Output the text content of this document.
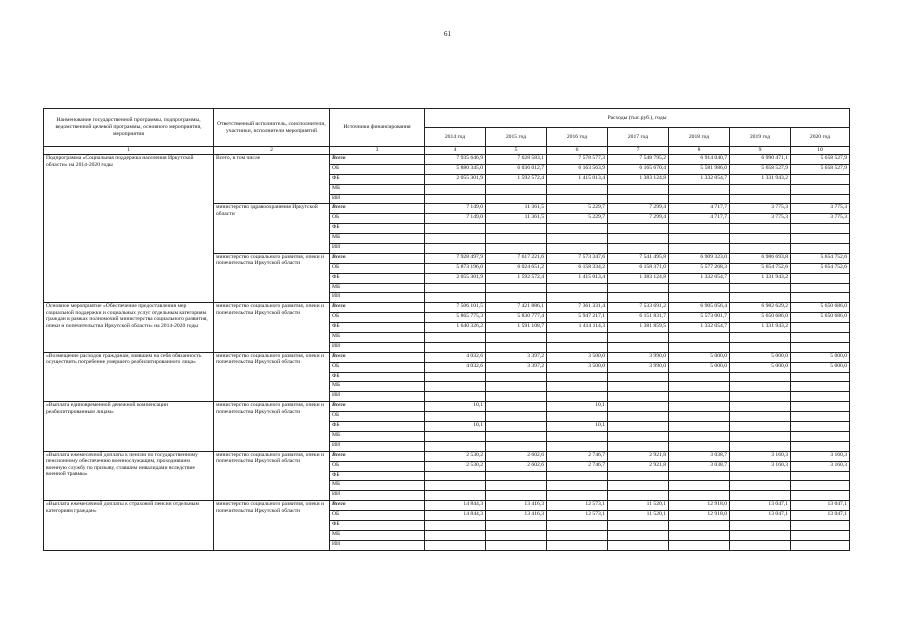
61
Наименование государственной программы, подпрограммы, ведомственной целевой программы, основного мероприятия, мероприятия	Ответственный исполнитель, соисполнители, участники, исполнители мероприятий	Источники финансирования	Расходы (тыс.руб.), годы						
			2014 год	2015 год	2016 год	2017 год	2018 год	2019 год	2020 год
1	2	3	4	5	6	7	8	9	10
Подпрограмма «Социальная поддержка населения Иркутской области» на 2014-2020 годы	Всего, в том числе	Всего	7 935 646,9	7 628 583,1	7 578 577,3	7 548 795,2	6 914 040,7	6 990 471,1	5 658 527,9
		ОБ	5 880 345,0	6 036 012,7	6 163 563,9	6 165 670,4	5 581 986,0	5 658 527,9	5 658 527,9
		ФБ	2 055 301,9	1 592 572,4	1 415 013,4	1 383 124,8	1 332 054,7	1 331 943,2	
		МБ							
		ИИ							
	министерство здравоохранения Иркутской области	Всего	7 149,0	11 361,5	5 229,7	7 299,4	4 717,7	3 775,3	3 775,3
		ОБ	7 149,0	11 361,5	5 229,7	7 299,4	4 717,7	3 775,3	3 775,3
		ФБ							
		МБ							
		ИИ							
	министерство социального развития, опеки и попечительства Иркутской области	Всего	7 928 497,9	7 617 221,6	7 573 347,6	7 541 495,8	6 909 323,0	6 986 693,8	5 654 752,6
		ОБ	5 873 196,0	6 024 651,2	6 158 334,2	6 158 371,0	5 577 268,3	5 654 752,6	5 654 752,6
		ФБ	2 055 301,9	1 592 572,4	1 415 013,4	1 383 124,8	1 332 054,7	1 331 943,2	
		МБ							
		ИИ							
Основное мероприятие «Обеспечение предоставления мер социальной поддержки и социальных услуг отдельным категориям граждан в рамках полномочий министерства социального развития, опеки и попечительства Иркутской области» на 2014-2020 годы	министерство социального развития, опеки и попечительства Иркутской области	Всего	7 506 101,5	7 421 886,1	7 361 331,4	7 533 691,2	6 905 056,4	6 982 629,2	5 650 686,0
		ОБ	5 865 775,3	5 830 777,4	5 947 217,1	6 151 831,7	5 573 001,7	5 650 686,0	5 650 686,0
		ФБ	1 640 326,2	1 591 108,7	1 414 114,3	1 381 859,5	1 332 054,7	1 331 943,2	
		МБ							
		ИИ							
«Возмещение расходов гражданам, взявшим на себя обязанность осуществить погребение умершего реабилитированного лица»	министерство социального развития, опеки и попечительства Иркутской области	Всего	4 032,6	3 397,2	3 500,0	3 990,0	5 000,0	5 000,0	5 000,0
		ОБ	4 032,6	3 397,2	3 500,0	3 990,0	5 000,0	5 000,0	5 000,0
		ФБ							
		МБ							
		ИИ							
«Выплата единовременной денежной компенсации реабилитированным лицам»	министерство социального развития, опеки и попечительства Иркутской области	Всего	10,1		10,1				
		ОБ							
		ФБ	10,1		10,1				
		МБ							
		ИИ							
«Выплата ежемесячной доплаты к пенсии по государственному пенсионному обеспечению военнослужащим, проходившим военную службу по призыву, ставшим инвалидами вследствие военной травмы»	министерство социального развития, опеки и попечительства Иркутской области	Всего	2 530,2	2 602,6	2 746,7	2 921,8	3 038,7	3 160,3	3 160,3
		ОБ	2 530,2	2 602,6	2 746,7	2 921,8	3 038,7	3 160,3	3 160,3
		ФБ							
		МБ							
		ИИ							
«Выплата ежемесячной доплаты к страховой пенсии отдельным категориям граждан»	министерство социального развития, опеки и попечительства Иркутской области	Всего	14 844,3	13 416,3	12 573,1	11 520,1	12 918,0	13 047,1	13 047,1
		ОБ	14 844,3	13 416,3	12 573,1	11 520,1	12 918,0	13 047,1	13 047,1
		ФБ							
		МБ							
		ИИ							
